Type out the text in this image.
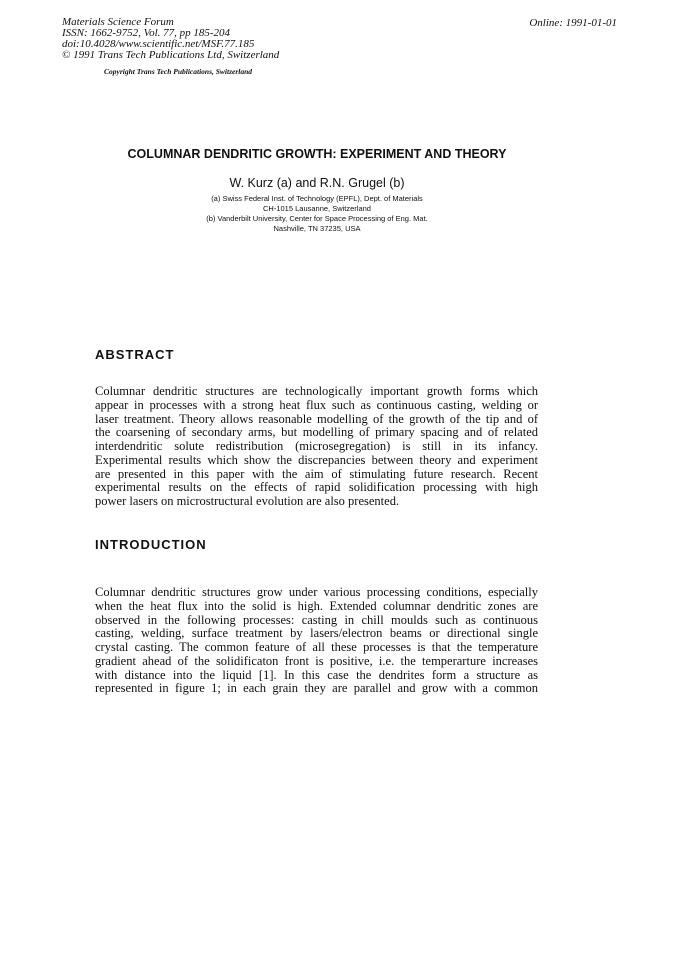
Materials Science Forum
ISSN: 1662-9752, Vol. 77, pp 185-204
doi:10.4028/www.scientific.net/MSF.77.185
© 1991 Trans Tech Publications Ltd, Switzerland
Copyright Trans Tech Publications, Switzerland
Online: 1991-01-01
COLUMNAR DENDRITIC GROWTH: EXPERIMENT AND THEORY
W. Kurz (a) and R.N. Grugel (b)
(a) Swiss Federal Inst. of Technology (EPFL), Dept. of Materials
CH-1015 Lausanne, Switzerland
(b) Vanderbilt University, Center for Space Processing of Eng. Mat.
Nashville, TN 37235, USA
ABSTRACT
Columnar dendritic structures are technologically important growth forms which
appear in processes with a strong heat flux such as continuous casting, welding or
laser treatment. Theory allows reasonable modelling of the growth of the tip and of
the coarsening of secondary arms, but modelling of primary spacing and of related
interdendritic solute redistribution (microsegregation) is still in its infancy.
Experimental results which show the discrepancies between theory and experiment
are presented in this paper with the aim of stimulating future research. Recent
experimental results on the effects of rapid solidification processing with high
power lasers on microstructural evolution are also presented.
INTRODUCTION
Columnar dendritic structures grow under various processing conditions, especially
when the heat flux into the solid is high. Extended columnar dendritic zones are
observed in the following processes: casting in chill moulds such as continuous
casting, welding, surface treatment by lasers/electron beams or directional single
crystal casting. The common feature of all these processes is that the temperature
gradient ahead of the solidificaton front is positive, i.e. the temperarture increases
with distance into the liquid [1]. In this case the dendrites form a structure as
represented in figure 1; in each grain they are parallel and grow with a common
